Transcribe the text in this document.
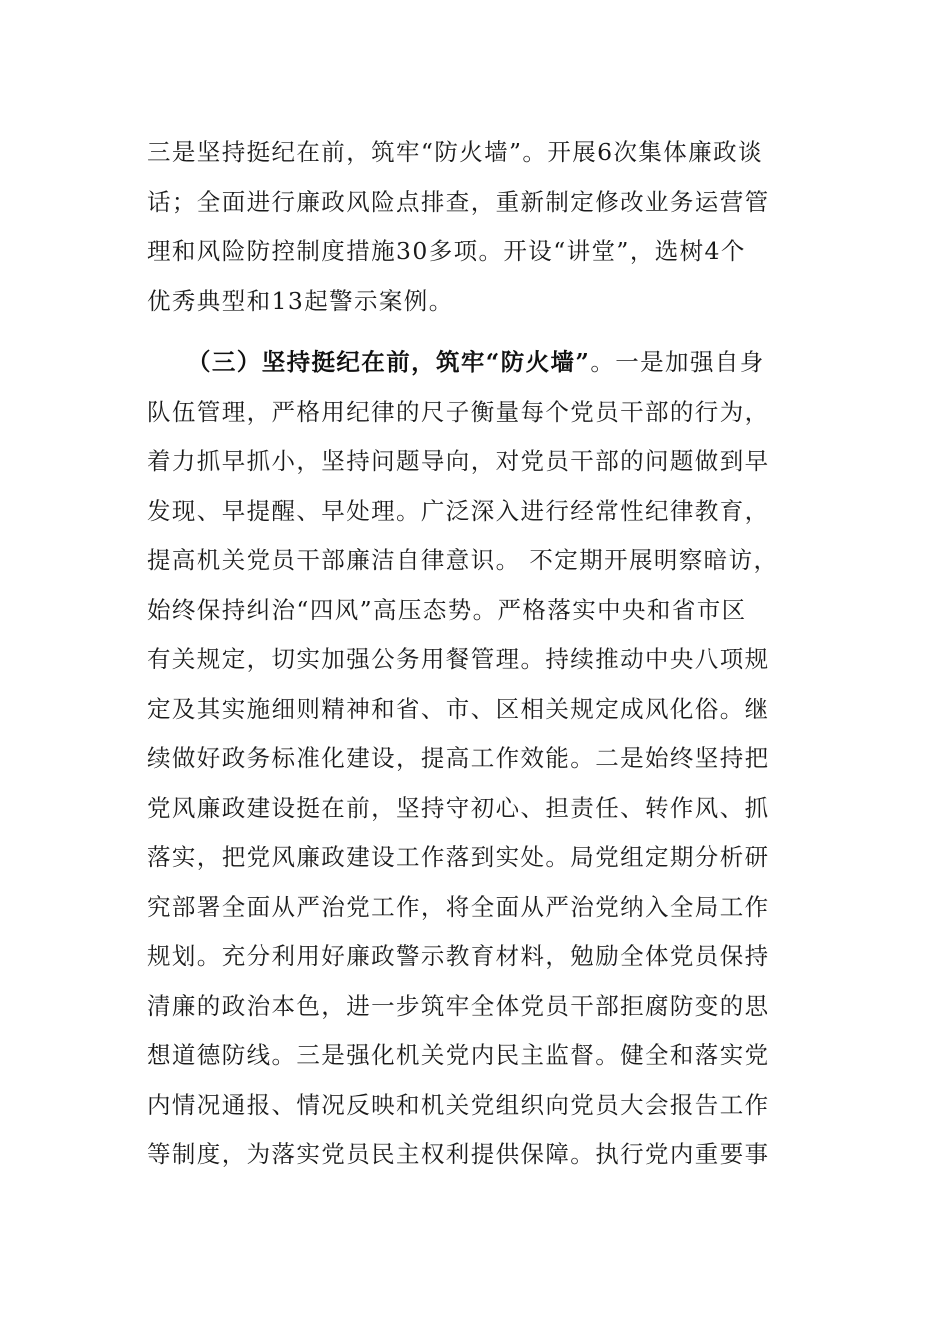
三是坚持挺纪在前，筑牢“防火墙”。开展6次集体廉政谈
话；全面进行廉政风险点排查，重新制定修改业务运营管
理和风险防控制度措施30多项。开设“讲堂”，选树4个
优秀典型和13起警示案例。
（三）坚持挺纪在前，筑牢“防火墙”。一是加强自身
队伍管理，严格用纪律的尺子衡量每个党员干部的行为，
着力抓早抓小，坚持问题导向，对党员干部的问题做到早
发现、早提醒、早处理。广泛深入进行经常性纪律教育，
提高机关党员干部廉洁自律意识。 不定期开展明察暗访，
始终保持纠治“四风”高压态势。严格落实中央和省市区
有关规定，切实加强公务用餐管理。持续推动中央八项规
定及其实施细则精神和省、市、区相关规定成风化俗。继
续做好政务标准化建设，提高工作效能。二是始终坚持把
党风廉政建设挺在前，坚持守初心、担责任、转作风、抓
落实，把党风廉政建设工作落到实处。局党组定期分析研
究部署全面从严治党工作，将全面从严治党纳入全局工作
规划。充分利用好廉政警示教育材料，勉励全体党员保持
清廉的政治本色，进一步筑牢全体党员干部拒腐防变的思
想道德防线。三是强化机关党内民主监督。健全和落实党
内情况通报、情况反映和机关党组织向党员大会报告工作
等制度，为落实党员民主权利提供保障。执行党内重要事
